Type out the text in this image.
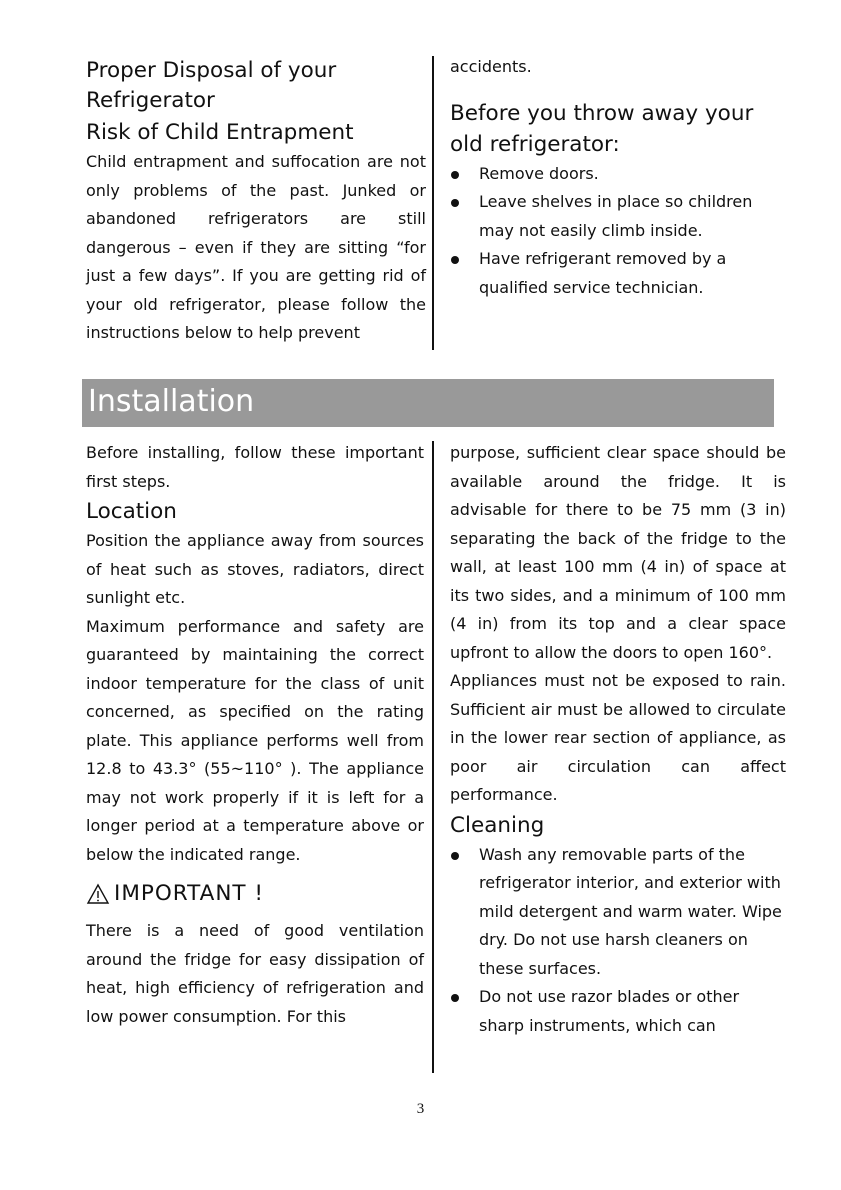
Proper Disposal of your Refrigerator
Risk of Child Entrapment

Child entrapment and suffocation are not only problems of the past. Junked or abandoned refrigerators are still dangerous – even if they are sitting “for just a few days”. If you are getting rid of your old refrigerator, please follow the instructions below to help prevent

accidents.

Before you throw away your old refrigerator:
Remove doors.
Leave shelves in place so children may not easily climb inside.
Have refrigerant removed by a qualified service technician.
Installation

Before installing, follow these important first steps.

Location

Position the appliance away from sources of heat such as stoves, radiators, direct sunlight etc.

Maximum performance and safety are guaranteed by maintaining the correct indoor temperature for the class of unit concerned, as specified on the rating plate. This appliance performs well from 12.8 to 43.3° (55~110° ). The appliance may not work properly if it is left for a longer period at a temperature above or below the indicated range.

IMPORTANT !

There is a need of good ventilation around the fridge for easy dissipation of heat, high efficiency of refrigeration and low power consumption. For this

purpose, sufficient clear space should be available around the fridge. It is advisable for there to be 75 mm (3 in) separating the back of the fridge to the wall, at least 100 mm (4 in) of space at its two sides, and a minimum of 100 mm (4 in) from its top and a clear space upfront to allow the doors to open 160°.

Appliances must not be exposed to rain. Sufficient air must be allowed to circulate in the lower rear section of appliance, as poor air circulation can affect performance.

Cleaning
Wash any removable parts of the refrigerator interior, and exterior with mild detergent and warm water. Wipe dry. Do not use harsh cleaners on these surfaces.
Do not use razor blades or other sharp instruments, which can
3
